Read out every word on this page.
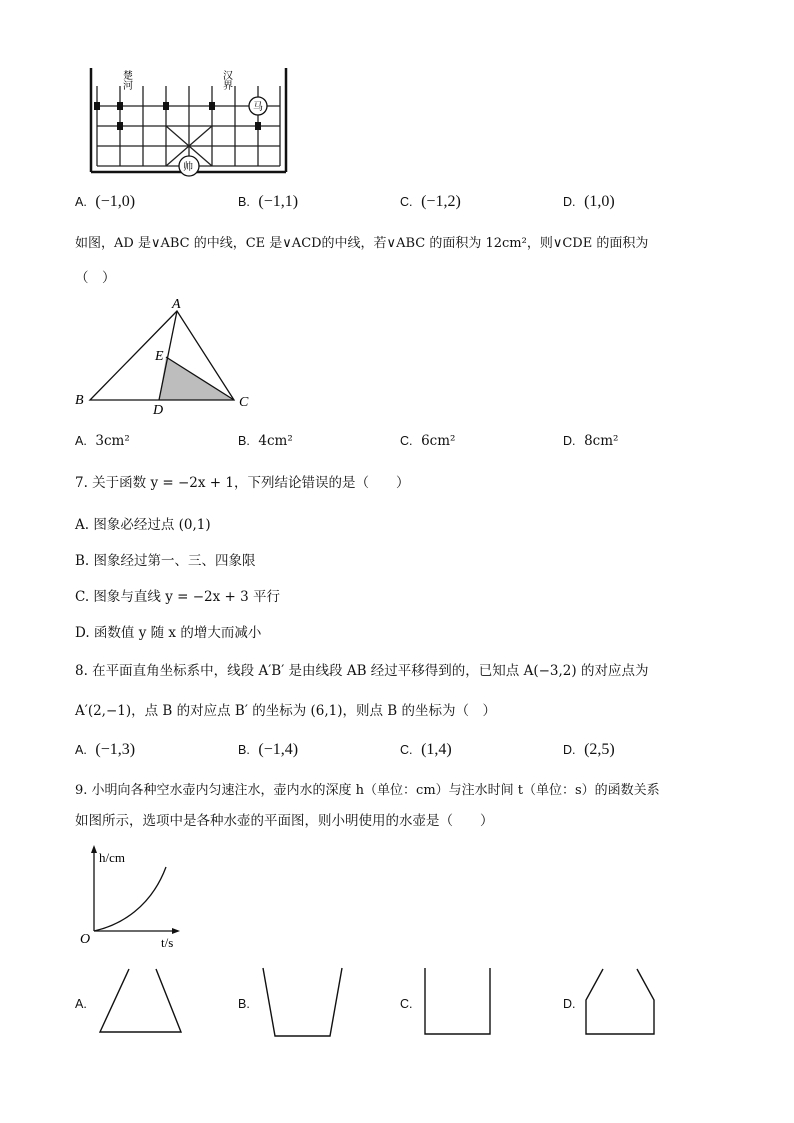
楚河	汉界
马
帅
A. (−1,0)	B. (−1,1)	C. (−1,2)	D. (1,0)
如图，AD 是∨ABC 的中线，CE 是∨ACD的中线，若∨ABC 的面积为 12cm²，则∨CDE 的面积为
（　）
A
E
B
D
C
A. 3cm²	B. 4cm²	C. 6cm²	D. 8cm²
7. 关于函数 y = −2x + 1，下列结论错误的是（　　）
A. 图象必经过点 (0,1)
B. 图象经过第一、三、四象限
C. 图象与直线 y = −2x + 3 平行
D. 函数值 y 随 x 的增大而减小
8. 在平面直角坐标系中，线段 A′B′ 是由线段 AB 经过平移得到的，已知点 A(−3,2) 的对应点为
A′(2,−1)，点 B 的对应点 B′ 的坐标为 (6,1)，则点 B 的坐标为（　）
A. (−1,3)	B. (−1,4)	C. (1,4)	D. (2,5)
9. 小明向各种空水壶内匀速注水，壶内水的深度 h（单位：cm）与注水时间 t（单位：s）的函数关系
如图所示，选项中是各种水壶的平面图，则小明使用的水壶是（　　）
h/cm
O	t/s
A.	B.	C.	D.
